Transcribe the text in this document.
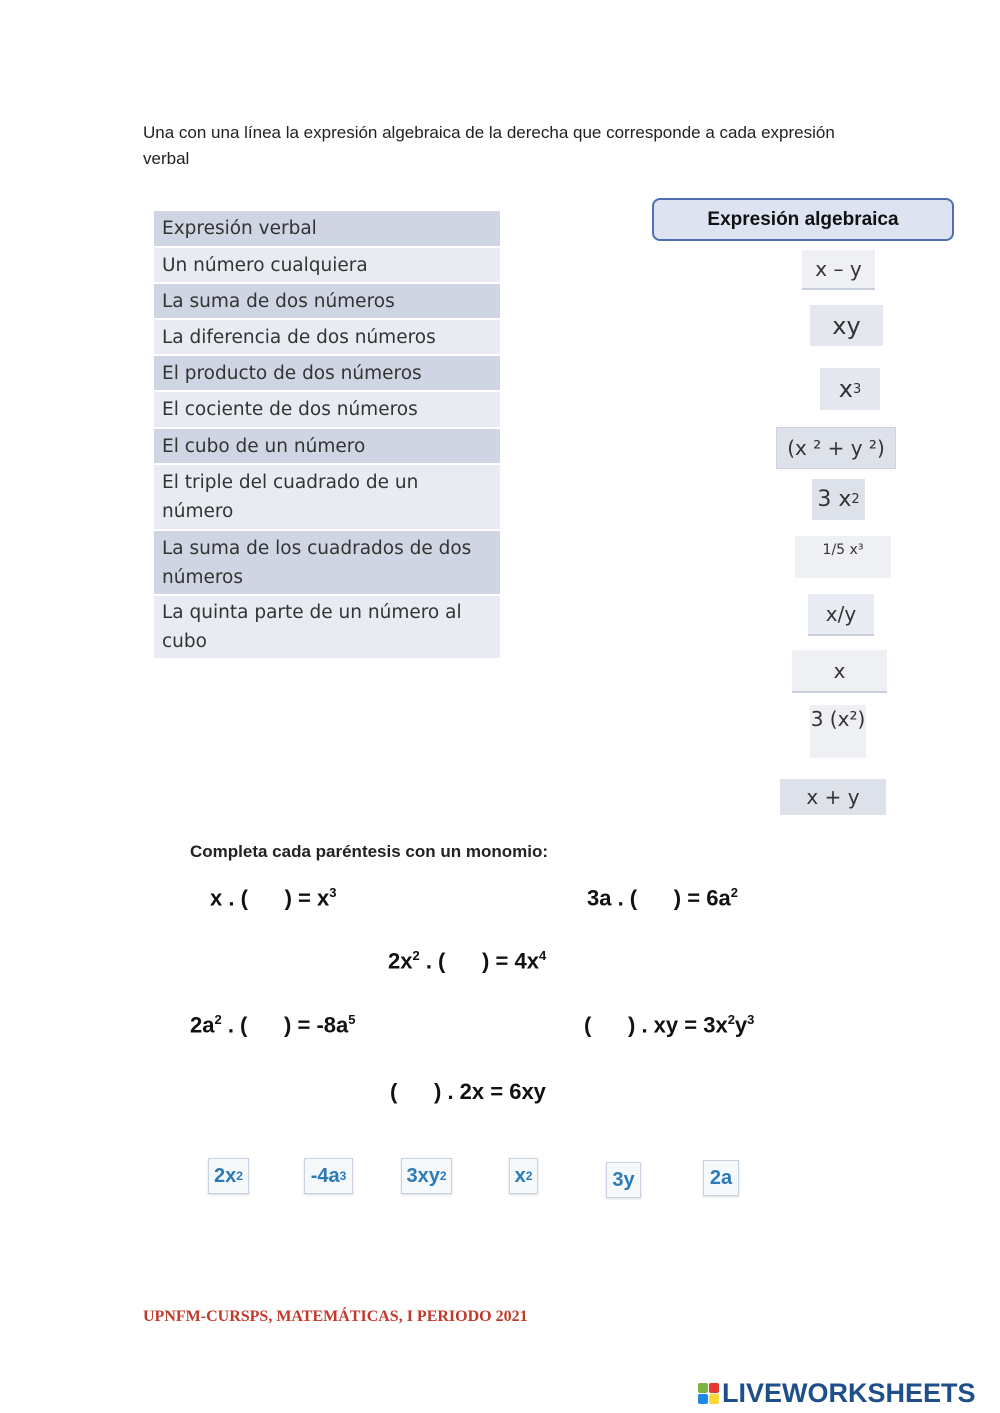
Una con una línea la expresión algebraica de la derecha que corresponde a cada expresión verbal
Expresión verbal
Un número cualquiera
La suma de dos números
La diferencia de dos números
El producto de dos números
El cociente de dos números
El cubo de un número
El triple del cuadrado de un número
La suma de los cuadrados de dos números
La quinta parte de un número al cubo
Expresión algebraica
x – y
xy
x 3
(x ² + y ²)
3 x 2
1/5 x³
x/y
x
3 (x²)
x + y
Completa cada paréntesis con un monomio:
x . (      ) = $x^3$	3a . (      ) = $6a^2$
$2x^2$ . (      ) = $4x^4$
$2a^2$ . (      ) = $-8a^5$	(      ) . xy = $3x^2y^3$
(      ) . 2x = 6xy
2x 2	-4a 3	3xy 2	x 2	3y	2a
UPNFM-CURSPS, MATEMÁTICAS, I PERIODO 2021
LIVEWORKSHEETS
